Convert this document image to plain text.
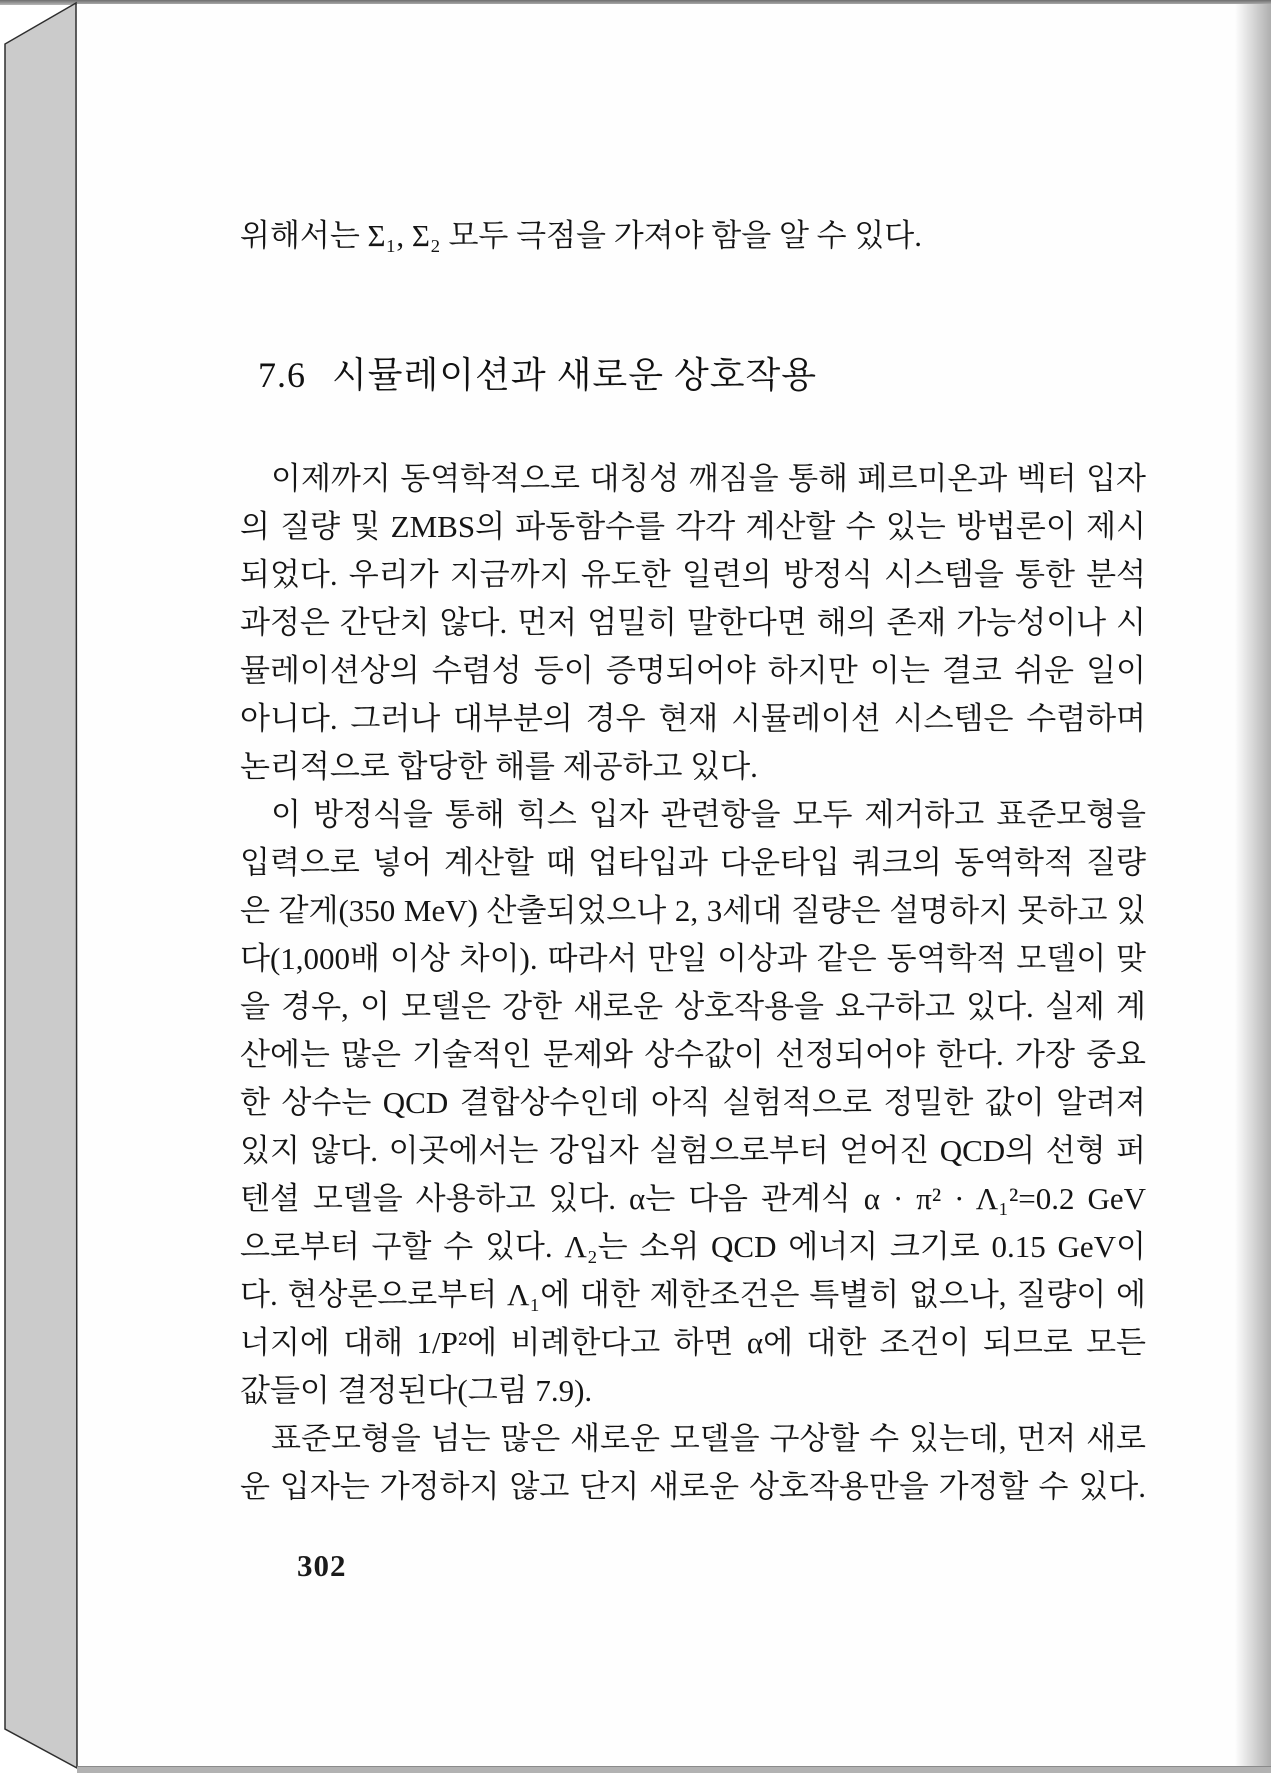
위해서는 Σ₁, Σ₂ 모두 극점을 가져야 함을 알 수 있다.
7.6 시뮬레이션과 새로운 상호작용
이제까지 동역학적으로 대칭성 깨짐을 통해 페르미온과 벡터 입자
의 질량 및 ZMBS의 파동함수를 각각 계산할 수 있는 방법론이 제시
되었다. 우리가 지금까지 유도한 일련의 방정식 시스템을 통한 분석
과정은 간단치 않다. 먼저 엄밀히 말한다면 해의 존재 가능성이나 시
뮬레이션상의 수렴성 등이 증명되어야 하지만 이는 결코 쉬운 일이
아니다. 그러나 대부분의 경우 현재 시뮬레이션 시스템은 수렴하며
논리적으로 합당한 해를 제공하고 있다.
이 방정식을 통해 힉스 입자 관련항을 모두 제거하고 표준모형을
입력으로 넣어 계산할 때 업타입과 다운타입 쿼크의 동역학적 질량
은 같게(350 MeV) 산출되었으나 2, 3세대 질량은 설명하지 못하고 있
다(1,000배 이상 차이). 따라서 만일 이상과 같은 동역학적 모델이 맞
을 경우, 이 모델은 강한 새로운 상호작용을 요구하고 있다. 실제 계
산에는 많은 기술적인 문제와 상수값이 선정되어야 한다. 가장 중요
한 상수는 QCD 결합상수인데 아직 실험적으로 정밀한 값이 알려져
있지 않다. 이곳에서는 강입자 실험으로부터 얻어진 QCD의 선형 퍼
텐셜 모델을 사용하고 있다. α는 다음 관계식 α · π² · Λ₁²=0.2 GeV
으로부터 구할 수 있다. Λ₂는 소위 QCD 에너지 크기로 0.15 GeV이
다. 현상론으로부터 Λ₁에 대한 제한조건은 특별히 없으나, 질량이 에
너지에 대해 1/P²에 비례한다고 하면 α에 대한 조건이 되므로 모든
값들이 결정된다(그림 7.9).
표준모형을 넘는 많은 새로운 모델을 구상할 수 있는데, 먼저 새로
운 입자는 가정하지 않고 단지 새로운 상호작용만을 가정할 수 있다.
302
